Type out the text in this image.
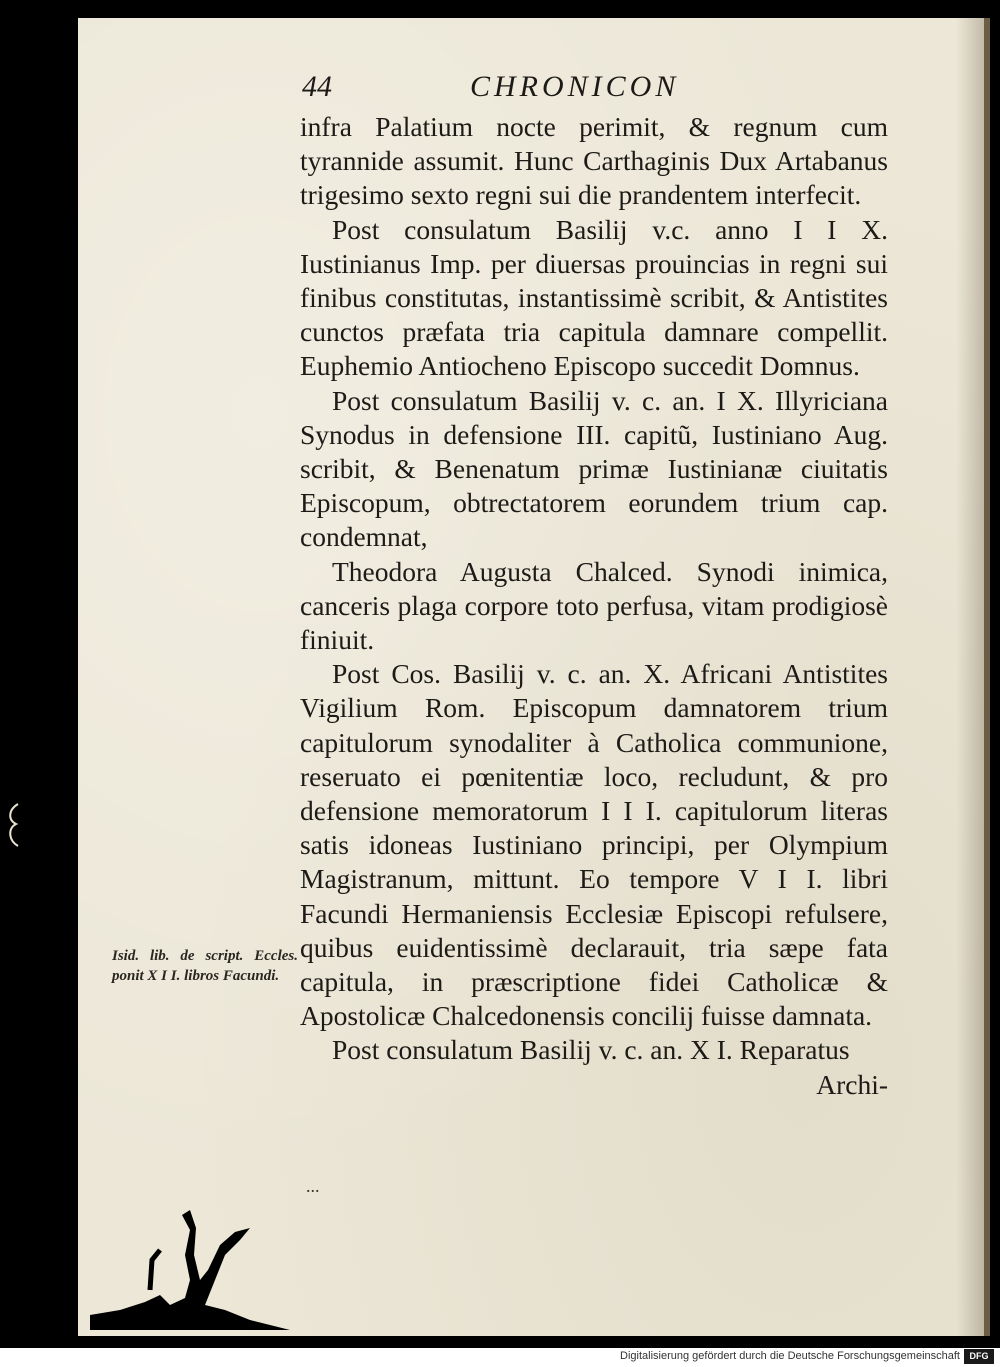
44	CHRONICON

infra Palatium nocte perimit, & regnum cum tyrannide assumit. Hunc Carthaginis Dux Artabanus trigesimo sexto regni sui die prandentem interfecit.

Post consulatum Basilij v.c. anno I I X. Iustinianus Imp. per diuersas prouincias in regni sui finibus constitutas, instantissimè scribit, & Antistites cunctos præfata tria capitula damnare compellit. Euphemio Antiocheno Episcopo succedit Domnus.

Post consulatum Basilij v. c. an. I X. Illyriciana Synodus in defensione III. capitũ, Iustiniano Aug. scribit, & Benenatum primæ Iustinianæ ciuitatis Episcopum, obtrectatorem eorundem trium cap. condemnat,

Theodora Augusta Chalced. Synodi inimica, canceris plaga corpore toto perfusa, vitam prodigiosè finiuit.

Post Cos. Basilij v. c. an. X. Africani Antistites Vigilium Rom. Episcopum damnatorem trium capitulorum synodaliter à Catholica communione, reseruato ei pœnitentiæ loco, recludunt, & pro defensione memoratorum I I I. capitulorum literas satis idoneas Iustiniano principi, per Olympium Magistranum, mittunt. Eo tempore V I I. libri Facundi Hermaniensis Ecclesiæ Episcopi refulsere, quibus euidentissimè declarauit, tria sæpe fata capitula, in præscriptione fidei Catholicæ & Apostolicæ Chalcedonensis concilij fuisse damnata.

Post consulatum Basilij v. c. an. X I. Reparatus

Archi-

Isid. lib. de script. Eccles. ponit X I I. libros Facundi.
...
Digitalisierung gefördert durch die Deutsche Forschungsgemeinschaft	DFG
